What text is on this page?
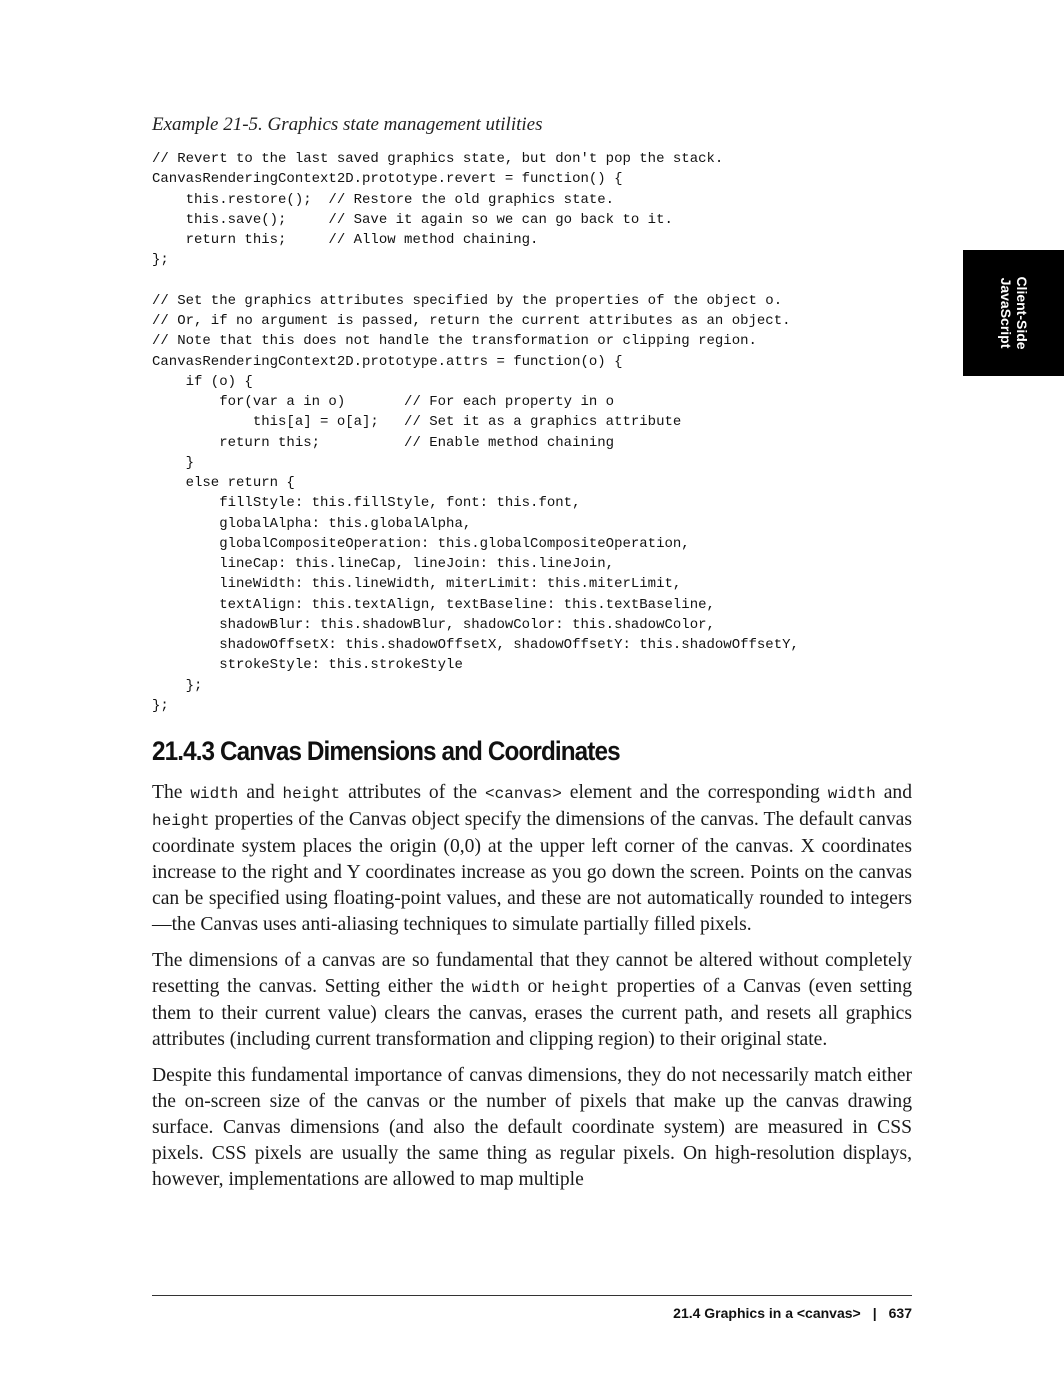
Example 21-5. Graphics state management utilities
// Revert to the last saved graphics state, but don't pop the stack.
CanvasRenderingContext2D.prototype.revert = function() {
this.restore();  // Restore the old graphics state.
this.save();     // Save it again so we can go back to it.
return this;     // Allow method chaining.
};
// Set the graphics attributes specified by the properties of the object o.
// Or, if no argument is passed, return the current attributes as an object.
// Note that this does not handle the transformation or clipping region.
CanvasRenderingContext2D.prototype.attrs = function(o) {
if (o) {
for(var a in o)       // For each property in o
this[a] = o[a];   // Set it as a graphics attribute
return this;          // Enable method chaining
}
else return {
fillStyle: this.fillStyle, font: this.font,
globalAlpha: this.globalAlpha,
globalCompositeOperation: this.globalCompositeOperation,
lineCap: this.lineCap, lineJoin: this.lineJoin,
lineWidth: this.lineWidth, miterLimit: this.miterLimit,
textAlign: this.textAlign, textBaseline: this.textBaseline,
shadowBlur: this.shadowBlur, shadowColor: this.shadowColor,
shadowOffsetX: this.shadowOffsetX, shadowOffsetY: this.shadowOffsetY,
strokeStyle: this.strokeStyle
};
};
21.4.3 Canvas Dimensions and Coordinates

The width and height attributes of the <canvas> element and the corresponding width and height properties of the Canvas object specify the dimensions of the canvas. The default canvas coordinate system places the origin (0,0) at the upper left corner of the canvas. X coordinates increase to the right and Y coordinates increase as you go down the screen. Points on the canvas can be specified using floating-point values, and these are not automatically rounded to integers—the Canvas uses anti-aliasing techniques to simulate partially filled pixels.

The dimensions of a canvas are so fundamental that they cannot be altered without completely resetting the canvas. Setting either the width or height properties of a Canvas (even setting them to their current value) clears the canvas, erases the current path, and resets all graphics attributes (including current transformation and clipping region) to their original state.

Despite this fundamental importance of canvas dimensions, they do not necessarily match either the on-screen size of the canvas or the number of pixels that make up the canvas drawing surface. Canvas dimensions (and also the default coordinate system) are measured in CSS pixels. CSS pixels are usually the same thing as regular pixels. On high-resolution displays, however, implementations are allowed to map multiple

Client-Side
JavaScript
21.4 Graphics in a <canvas> | 637
